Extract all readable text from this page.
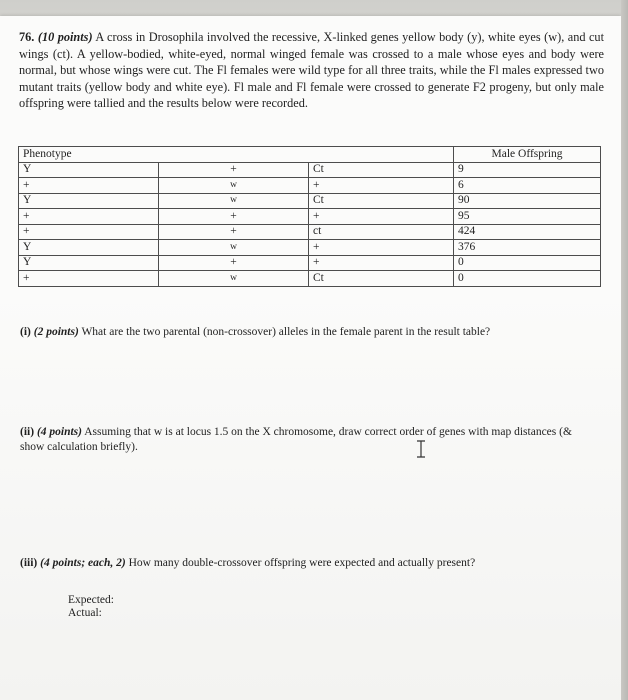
76. (10 points) A cross in Drosophila involved the recessive, X-linked genes yellow body (y), white eyes (w), and cut wings (ct). A yellow-bodied, white-eyed, normal winged female was crossed to a male whose eyes and body were normal, but whose wings were cut. The Fl females were wild type for all three traits, while the Fl males expressed two mutant traits (yellow body and white eye). Fl male and Fl female were crossed to generate F2 progeny, but only male offspring were tallied and the results below were recorded.
Phenotype			Male Offspring
Y	+	Ct	9
+	w	+	6
Y	w	Ct	90
+	+	+	95
+	+	ct	424
Y	w	+	376
Y	+	+	0
+	w	Ct	0
(i) (2 points) What are the two parental (non-crossover) alleles in the female parent in the result table?
(ii) (4 points) Assuming that w is at locus 1.5 on the X chromosome, draw correct order of genes with map distances (& show calculation briefly).
(iii) (4 points; each, 2) How many double-crossover offspring were expected and actually present?
Expected:
Actual:
